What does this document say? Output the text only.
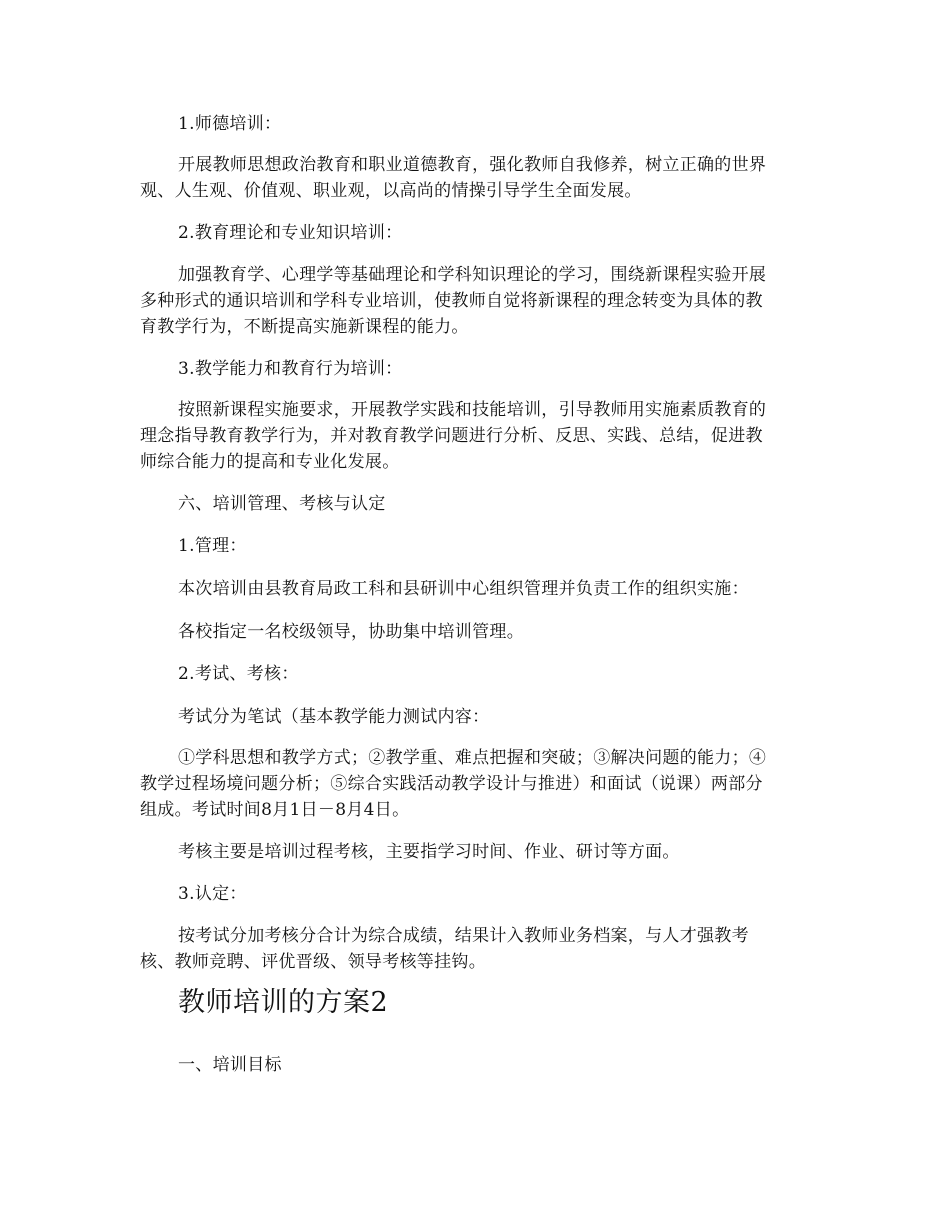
1.师德培训：
开展教师思想政治教育和职业道德教育，强化教师自我修养，树立正确的世界
观、人生观、价值观、职业观，以高尚的情操引导学生全面发展。
2.教育理论和专业知识培训：
加强教育学、心理学等基础理论和学科知识理论的学习，围绕新课程实验开展
多种形式的通识培训和学科专业培训，使教师自觉将新课程的理念转变为具体的教
育教学行为，不断提高实施新课程的能力。
3.教学能力和教育行为培训：
按照新课程实施要求，开展教学实践和技能培训，引导教师用实施素质教育的
理念指导教育教学行为，并对教育教学问题进行分析、反思、实践、总结，促进教
师综合能力的提高和专业化发展。
六、培训管理、考核与认定
1.管理：
本次培训由县教育局政工科和县研训中心组织管理并负责工作的组织实施：
各校指定一名校级领导，协助集中培训管理。
2.考试、考核：
考试分为笔试（基本教学能力测试内容：
①学科思想和教学方式；②教学重、难点把握和突破；③解决问题的能力；④
教学过程场境问题分析；⑤综合实践活动教学设计与推进）和面试（说课）两部分
组成。考试时间8月1日－8月4日。
考核主要是培训过程考核，主要指学习时间、作业、研讨等方面。
3.认定：
按考试分加考核分合计为综合成绩，结果计入教师业务档案，与人才强教考
核、教师竞聘、评优晋级、领导考核等挂钩。
教师培训的方案2
一、培训目标
